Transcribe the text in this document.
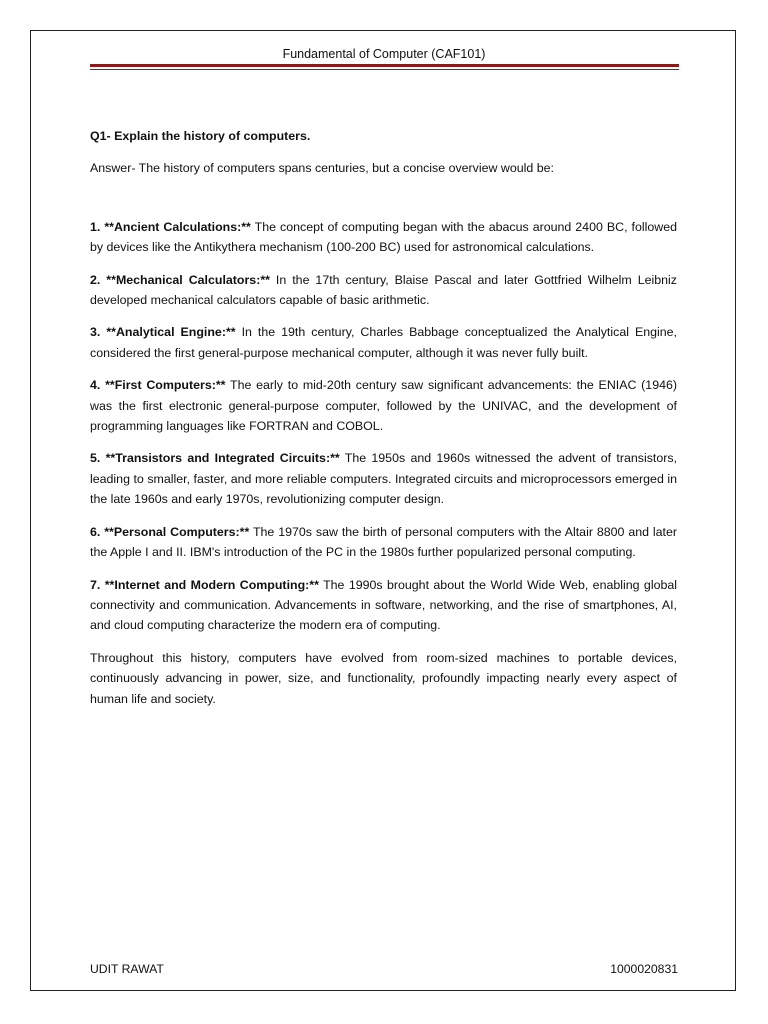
Fundamental of Computer (CAF101)

Q1- Explain the history of computers.

Answer- The history of computers spans centuries, but a concise overview would be:

1. **Ancient Calculations:** The concept of computing began with the abacus around 2400 BC, followed by devices like the Antikythera mechanism (100-200 BC) used for astronomical calculations.

2. **Mechanical Calculators:** In the 17th century, Blaise Pascal and later Gottfried Wilhelm Leibniz developed mechanical calculators capable of basic arithmetic.

3. **Analytical Engine:** In the 19th century, Charles Babbage conceptualized the Analytical Engine, considered the first general-purpose mechanical computer, although it was never fully built.

4. **First Computers:** The early to mid-20th century saw significant advancements: the ENIAC (1946) was the first electronic general-purpose computer, followed by the UNIVAC, and the development of programming languages like FORTRAN and COBOL.

5. **Transistors and Integrated Circuits:** The 1950s and 1960s witnessed the advent of transistors, leading to smaller, faster, and more reliable computers. Integrated circuits and microprocessors emerged in the late 1960s and early 1970s, revolutionizing computer design.

6. **Personal Computers:** The 1970s saw the birth of personal computers with the Altair 8800 and later the Apple I and II. IBM's introduction of the PC in the 1980s further popularized personal computing.

7. **Internet and Modern Computing:** The 1990s brought about the World Wide Web, enabling global connectivity and communication. Advancements in software, networking, and the rise of smartphones, AI, and cloud computing characterize the modern era of computing.

Throughout this history, computers have evolved from room-sized machines to portable devices, continuously advancing in power, size, and functionality, profoundly impacting nearly every aspect of human life and society.

UDIT RAWAT	1000020831
